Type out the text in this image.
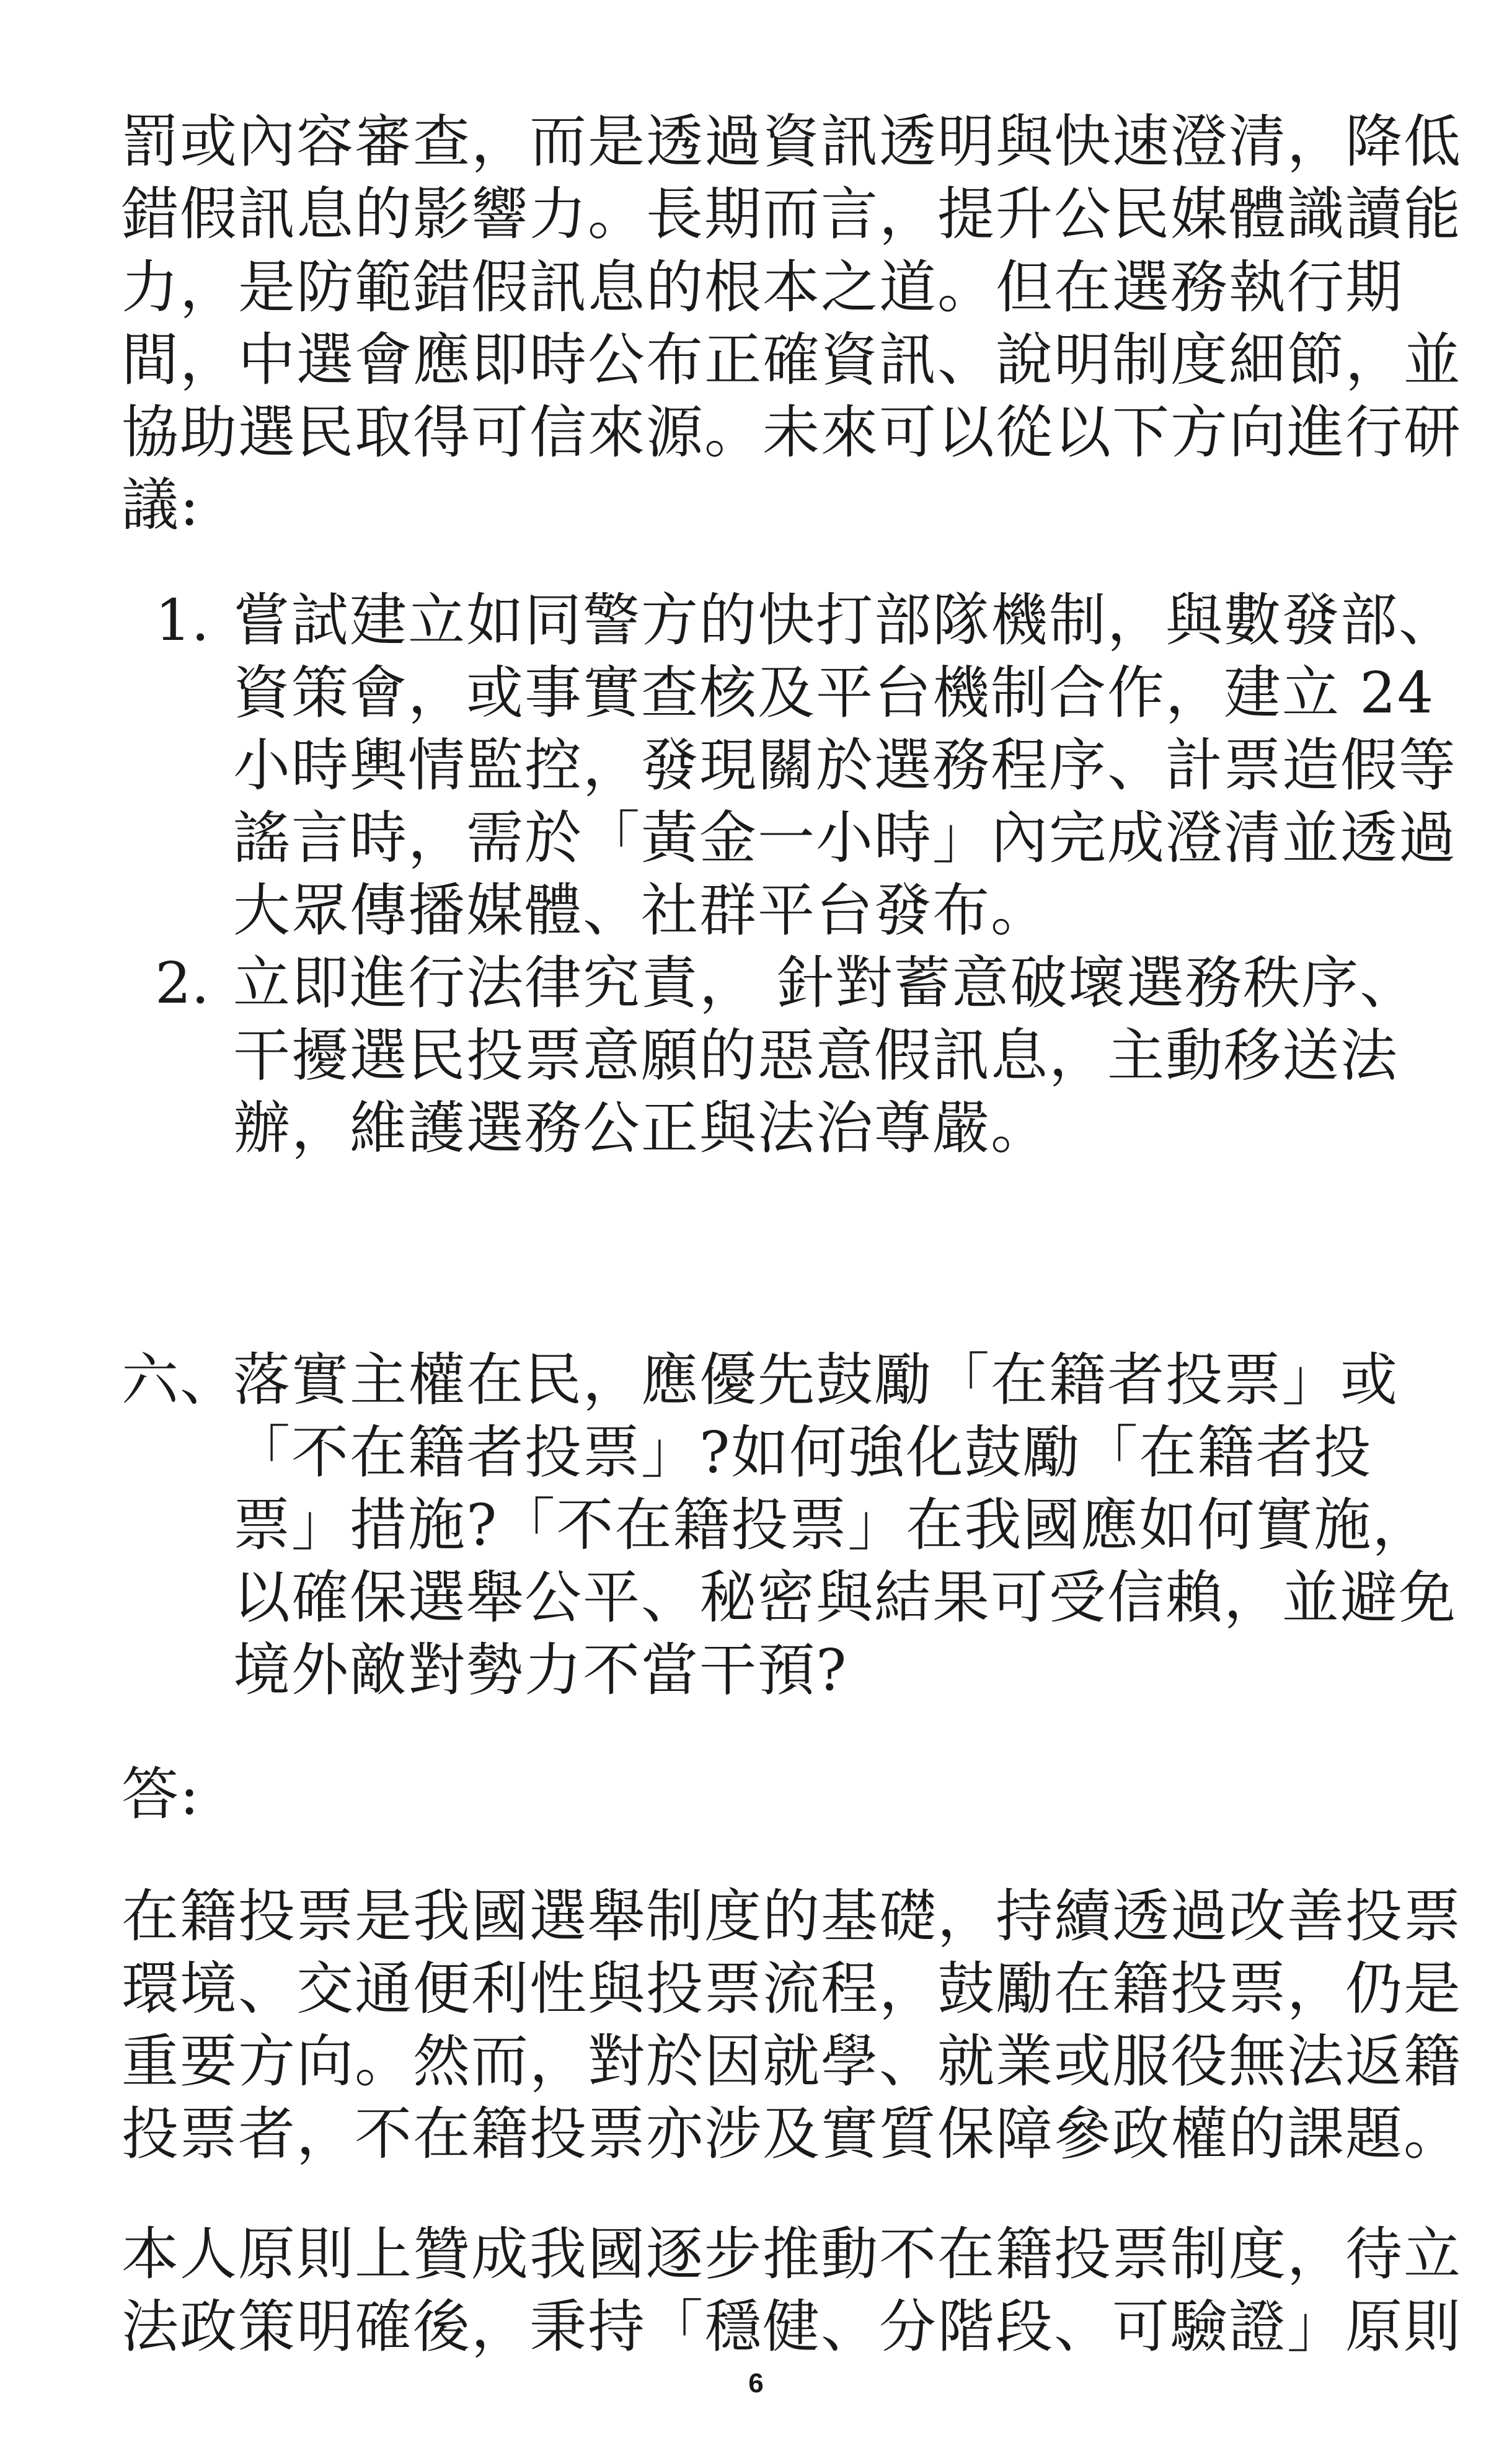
罰或內容審查，而是透過資訊透明與快速澄清，降低
錯假訊息的影響力。長期而言，提升公民媒體識讀能
力，是防範錯假訊息的根本之道。但在選務執行期
間，中選會應即時公布正確資訊、說明制度細節，並
協助選民取得可信來源。未來可以從以下方向進行研
議:
1. 嘗試建立如同警方的快打部隊機制，與數發部、
資策會，或事實查核及平台機制合作，建立 24
小時輿情監控，發現關於選務程序、計票造假等
謠言時，需於「黃金一小時」內完成澄清並透過
大眾傳播媒體、社群平台發布。
2. 立即進行法律究責， 針對蓄意破壞選務秩序、
干擾選民投票意願的惡意假訊息，主動移送法
辦，維護選務公正與法治尊嚴。
六、
落實主權在民，應優先鼓勵「在籍者投票」或
「不在籍者投票」?如何強化鼓勵「在籍者投
票」措施?「不在籍投票」在我國應如何實施，
以確保選舉公平、秘密與結果可受信賴，並避免
境外敵對勢力不當干預?
答:
在籍投票是我國選舉制度的基礎，持續透過改善投票
環境、交通便利性與投票流程，鼓勵在籍投票，仍是
重要方向。然而，對於因就學、就業或服役無法返籍
投票者，不在籍投票亦涉及實質保障參政權的課題。
本人原則上贊成我國逐步推動不在籍投票制度，待立
法政策明確後，秉持「穩健、分階段、可驗證」原則
6
